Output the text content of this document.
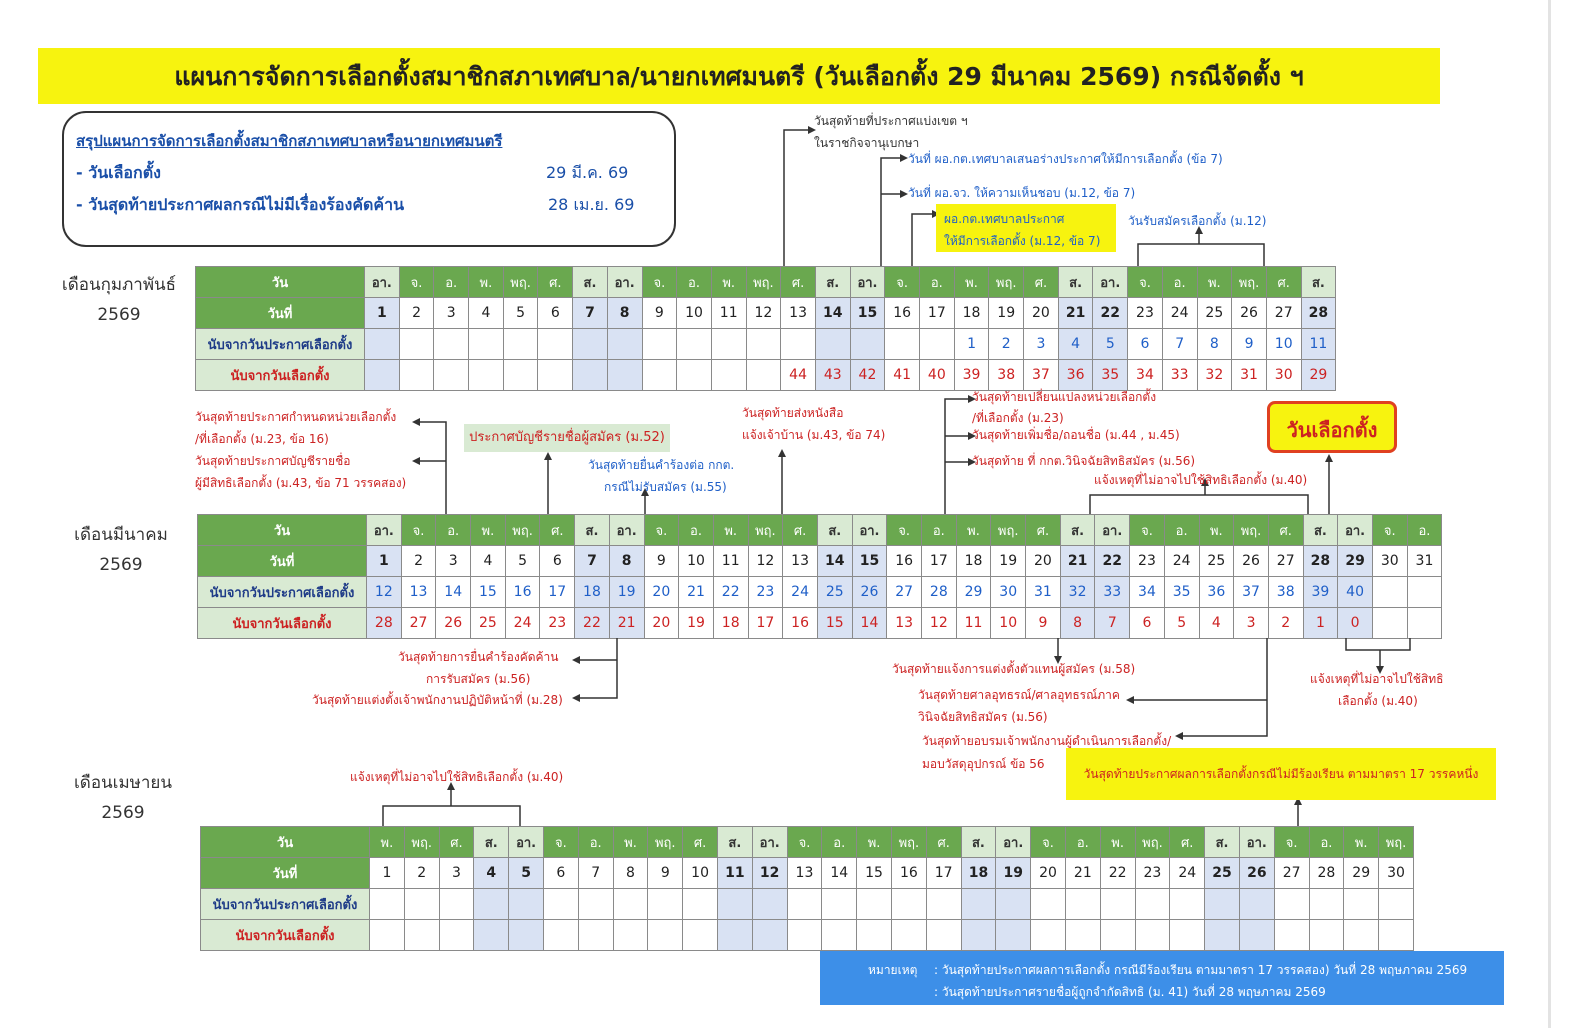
แผนการจัดการเลือกตั้งสมาชิกสภาเทศบาล/นายกเทศมนตรี (วันเลือกตั้ง 29 มีนาคม 2569) กรณีจัดตั้ง ฯ
สรุปแผนการจัดการเลือกตั้งสมาชิกสภาเทศบาลหรือนายกเทศมนตรี
- วันเลือกตั้ง	29 มี.ค. 69
- วันสุดท้ายประกาศผลกรณีไม่มีเรื่องร้องคัดค้าน	28 เม.ย. 69
เดือนกุมภาพันธ์
2569
เดือนมีนาคม
2569
เดือนเมษายน
2569
วัน	อา.	จ.	อ.	พ.	พฤ.	ศ.	ส.	อา.	จ.	อ.	พ.	พฤ.	ศ.	ส.	อา.	จ.	อ.	พ.	พฤ.	ศ.	ส.	อา.	จ.	อ.	พ.	พฤ.	ศ.	ส.
วันที่	1	2	3	4	5	6	7	8	9	10	11	12	13	14	15	16	17	18	19	20	21	22	23	24	25	26	27	28
นับจากวันประกาศเลือกตั้ง																		1	2	3	4	5	6	7	8	9	10	11
นับจากวันเลือกตั้ง													44	43	42	41	40	39	38	37	36	35	34	33	32	31	30	29
วัน	อา.	จ.	อ.	พ.	พฤ.	ศ.	ส.	อา.	จ.	อ.	พ.	พฤ.	ศ.	ส.	อา.	จ.	อ.	พ.	พฤ.	ศ.	ส.	อา.	จ.	อ.	พ.	พฤ.	ศ.	ส.	อา.	จ.	อ.
วันที่	1	2	3	4	5	6	7	8	9	10	11	12	13	14	15	16	17	18	19	20	21	22	23	24	25	26	27	28	29	30	31
นับจากวันประกาศเลือกตั้ง	12	13	14	15	16	17	18	19	20	21	22	23	24	25	26	27	28	29	30	31	32	33	34	35	36	37	38	39	40		
นับจากวันเลือกตั้ง	28	27	26	25	24	23	22	21	20	19	18	17	16	15	14	13	12	11	10	9	8	7	6	5	4	3	2	1	0		
วัน	พ.	พฤ.	ศ.	ส.	อา.	จ.	อ.	พ.	พฤ.	ศ.	ส.	อา.	จ.	อ.	พ.	พฤ.	ศ.	ส.	อา.	จ.	อ.	พ.	พฤ.	ศ.	ส.	อา.	จ.	อ.	พ.	พฤ.
วันที่	1	2	3	4	5	6	7	8	9	10	11	12	13	14	15	16	17	18	19	20	21	22	23	24	25	26	27	28	29	30
นับจากวันประกาศเลือกตั้ง																														
นับจากวันเลือกตั้ง																														
วันสุดท้ายที่ประกาศแบ่งเขต ฯ
ในราชกิจจานุเบกษา
วันที่ ผอ.กต.เทศบาลเสนอร่างประกาศให้มีการเลือกตั้ง (ข้อ 7)
วันที่ ผอ.จว. ให้ความเห็นชอบ (ม.12, ข้อ 7)
ผอ.กต.เทศบาลประกาศ
ให้มีการเลือกตั้ง (ม.12, ข้อ 7)
วันรับสมัครเลือกตั้ง (ม.12)
วันสุดท้ายประกาศกำหนดหน่วยเลือกตั้ง
/ที่เลือกตั้ง (ม.23, ข้อ 16)
วันสุดท้ายประกาศบัญชีรายชื่อ
ผู้มีสิทธิเลือกตั้ง (ม.43, ข้อ 71 วรรคสอง)
ประกาศบัญชีรายชื่อผู้สมัคร (ม.52)
วันสุดท้ายยื่นคำร้องต่อ กกต.
กรณีไม่รับสมัคร (ม.55)
วันสุดท้ายส่งหนังสือ
แจ้งเจ้าบ้าน (ม.43, ข้อ 74)
วันสุดท้ายเปลี่ยนแปลงหน่วยเลือกตั้ง
/ที่เลือกตั้ง (ม.23)
วันสุดท้ายเพิ่มชื่อ/ถอนชื่อ (ม.44 , ม.45)
วันสุดท้าย ที่ กกต.วินิจฉัยสิทธิสมัคร (ม.56)
แจ้งเหตุที่ไม่อาจไปใช้สิทธิเลือกตั้ง (ม.40)
วันเลือกตั้ง
วันสุดท้ายการยื่นคำร้องคัดค้าน
การรับสมัคร (ม.56)
วันสุดท้ายแต่งตั้งเจ้าพนักงานปฏิบัติหน้าที่ (ม.28)
วันสุดท้ายแจ้งการแต่งตั้งตัวแทนผู้สมัคร (ม.58)
วันสุดท้ายศาลอุทธรณ์/ศาลอุทธรณ์ภาค
วินิจฉัยสิทธิสมัคร (ม.56)
วันสุดท้ายอบรมเจ้าพนักงานผู้ดำเนินการเลือกตั้ง/
มอบวัสดุอุปกรณ์ ข้อ 56
แจ้งเหตุที่ไม่อาจไปใช้สิทธิ
เลือกตั้ง (ม.40)
แจ้งเหตุที่ไม่อาจไปใช้สิทธิเลือกตั้ง (ม.40)	วันสุดท้ายประกาศผลการเลือกตั้งกรณีไม่มีร้องเรียน ตามมาตรา 17 วรรคหนึ่ง
หมายเหตุ : วันสุดท้ายประกาศผลการเลือกตั้ง กรณีมีร้องเรียน ตามมาตรา 17 วรรคสอง) วันที่ 28 พฤษภาคม 2569
: วันสุดท้ายประกาศรายชื่อผู้ถูกจำกัดสิทธิ (ม. 41) วันที่ 28 พฤษภาคม 2569
